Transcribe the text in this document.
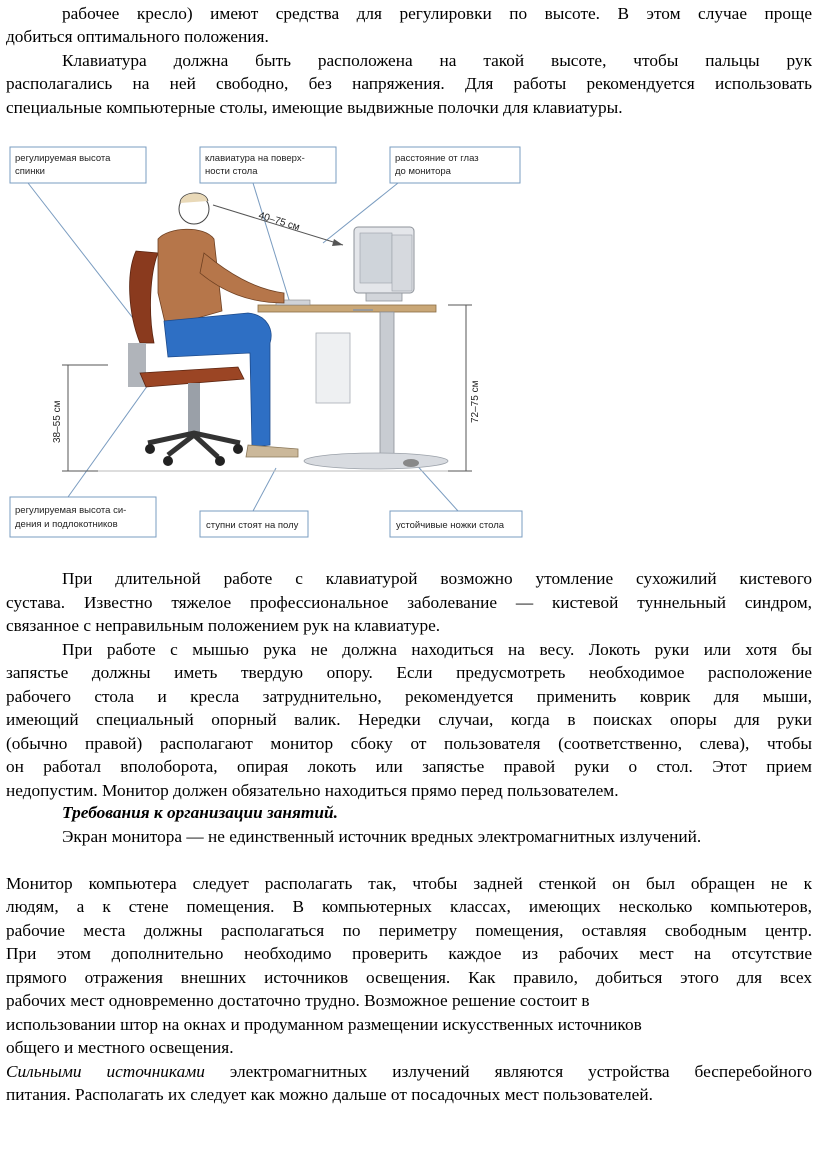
рабочее кресло) имеют средства для регулировки по высоте. В этом случае проще

добиться оптимального положения.

Клавиатура должна быть расположена на такой высоте, чтобы пальцы рук

располагались на ней свободно, без напряжения. Для работы рекомендуется использовать

специальные компьютерные столы, имеющие выдвижные полочки для клавиатуры.

регулируемая высота
спинки
клавиатура на поверх-
ности стола
расстояние от глаз
до монитора
регулируемая высота си-
дения и подлокотников	ступни стоят на полу	устойчивые ножки стола
38–55 см	72–75 см
40–75 см

При длительной работе с клавиатурой возможно утомление сухожилий кистевого

сустава. Известно тяжелое профессиональное заболевание — кистевой туннельный синдром,

связанное с неправильным положением рук на клавиатуре.

При работе с мышью рука не должна находиться на весу. Локоть руки или хотя бы

запястье должны иметь твердую опору. Если предусмотреть необходимое расположение

рабочего стола и кресла затруднительно, рекомендуется применить коврик для мыши,

имеющий специальный опорный валик. Нередки случаи, когда в поисках опоры для руки

(обычно правой) располагают монитор сбоку от пользователя (соответственно, слева), чтобы

он работал вполоборота, опирая локоть или запястье правой руки о стол. Этот прием

недопустим. Монитор должен обязательно находиться прямо перед пользователем.

Требования к организации занятий.

Экран монитора — не единственный источник вредных электромагнитных излучений.

Монитор компьютера следует располагать так, чтобы задней стенкой он был обращен не к

людям, а к стене помещения. В компьютерных классах, имеющих несколько компьютеров,

рабочие места должны располагаться по периметру помещения, оставляя свободным центр.

При этом дополнительно необходимо проверить каждое из рабочих мест на отсутствие

прямого отражения внешних источников освещения. Как правило, добиться этого для всех

рабочих мест одновременно достаточно трудно. Возможное решение состоит в

использовании штор на окнах и продуманном размещении искусственных источников

общего и местного освещения.

Сильными источниками электромагнитных излучений являются устройства бесперебойного

питания. Располагать их следует как можно дальше от посадочных мест пользователей.
